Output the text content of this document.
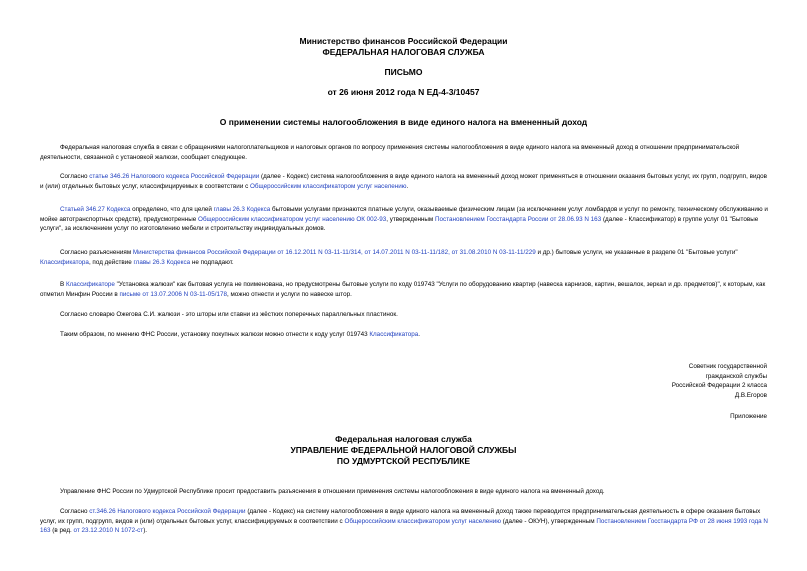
Министерство финансов Российской Федерации
ФЕДЕРАЛЬНАЯ НАЛОГОВАЯ СЛУЖБА
ПИСЬМО
от 26 июня 2012 года N ЕД-4-3/10457
О применении системы налогообложения в виде единого налога на вмененный доход

Федеральная налоговая служба в связи с обращениями налогоплательщиков и налоговых органов по вопросу применения системы налогообложения в виде единого налога на вмененный доход в отношении предпринимательской деятельности, связанной с установкой жалюзи, сообщает следующее.

Согласно статье 346.26 Налогового кодекса Российской Федерации (далее - Кодекс) система налогообложения в виде единого налога на вмененный доход может применяться в отношении оказания бытовых услуг, их групп, подгрупп, видов и (или) отдельных бытовых услуг, классифицируемых в соответствии с Общероссийским классификатором услуг населению.

Статьей 346.27 Кодекса определено, что для целей главы 26.3 Кодекса бытовыми услугами признаются платные услуги, оказываемые физическим лицам (за исключением услуг ломбардов и услуг по ремонту, техническому обслуживанию и мойке автотранспортных средств), предусмотренные Общероссийским классификатором услуг населению ОК 002-93, утвержденным Постановлением Госстандарта России от 28.06.93 N 163 (далее - Классификатор) в группе услуг 01 "Бытовые услуги", за исключением услуг по изготовлению мебели и строительству индивидуальных домов.

Согласно разъяснениям Министерства финансов Российской Федерации от 16.12.2011 N 03-11-11/314, от 14.07.2011 N 03-11-11/182, от 31.08.2010 N 03-11-11/229 и др.) бытовые услуги, не указанные в разделе 01 "Бытовые услуги" Классификатора, под действие главы 26.3 Кодекса не подпадают.

В Классификаторе "Установка жалюзи" как бытовая услуга не поименована, но предусмотрены бытовые услуги по коду 019743 "Услуги по оборудованию квартир (навеска карнизов, картин, вешалок, зеркал и др. предметов)", к которым, как отметил Минфин России в письме от 13.07.2006 N 03-11-05/178, можно отнести и услуги по навеске штор.

Согласно словарю Ожегова С.И. жалюзи - это шторы или ставни из жёстких поперечных параллельных пластинок.

Таким образом, по мнению ФНС России, установку покупных жалюзи можно отнести к коду услуг 019743 Классификатора.

Советник государственной
гражданской службы
Российской Федерации 2 класса
Д.В.Егоров
Приложение
Федеральная налоговая служба
УПРАВЛЕНИЕ ФЕДЕРАЛЬНОЙ НАЛОГОВОЙ СЛУЖБЫ
ПО УДМУРТСКОЙ РЕСПУБЛИКЕ

Управление ФНС России по Удмуртской Республике просит предоставить разъяснения в отношении применения системы налогообложения в виде единого налога на вмененный доход.

Согласно ст.346.26 Налогового кодекса Российской Федерации (далее - Кодекс) на систему налогообложения в виде единого налога на вмененный доход также переводится предпринимательская деятельность в сфере оказания бытовых услуг, их групп, подгрупп, видов и (или) отдельных бытовых услуг, классифицируемых в соответствии с Общероссийским классификатором услуг населению (далее - ОКУН), утвержденным Постановлением Госстандарта РФ от 28 июня 1993 года N 163 (в ред. от 23.12.2010 N 1072-ст).
